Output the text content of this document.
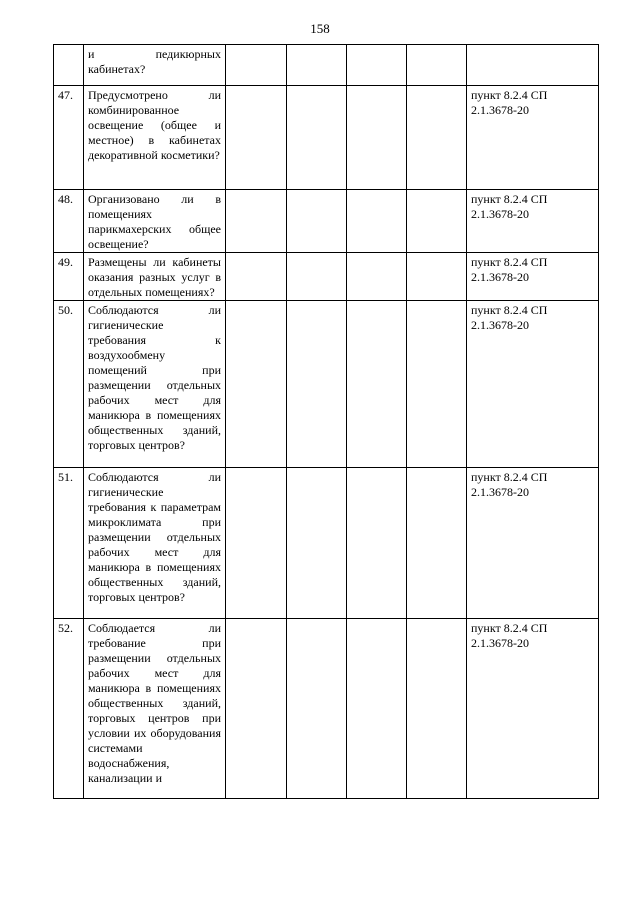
158
	и педикюрных кабинетах?					

47.	Предусмотрено ли комбинированное освещение (общее и местное) в кабинетах декоративной косметики?					пункт 8.2.4 СП
2.1.3678-20

48.	Организовано ли в помещениях парикмахерских общее освещение?					пункт 8.2.4 СП
2.1.3678-20

49.	Размещены ли кабинеты оказания разных услуг в отдельных помещениях?					пункт 8.2.4 СП
2.1.3678-20

50.	Соблюдаются ли гигиенические требования к воздухообмену помещений при размещении отдельных рабочих мест для маникюра в помещениях общественных зданий, торговых центров?					пункт 8.2.4 СП
2.1.3678-20

51.	Соблюдаются ли гигиенические требования к параметрам микроклимата при размещении отдельных рабочих мест для маникюра в помещениях общественных зданий, торговых центров?					пункт 8.2.4 СП
2.1.3678-20

52.	Соблюдается ли требование при размещении отдельных рабочих мест для маникюра в помещениях общественных зданий, торговых центров при условии их оборудования системами водоснабжения, канализации и					пункт 8.2.4 СП
2.1.3678-20
